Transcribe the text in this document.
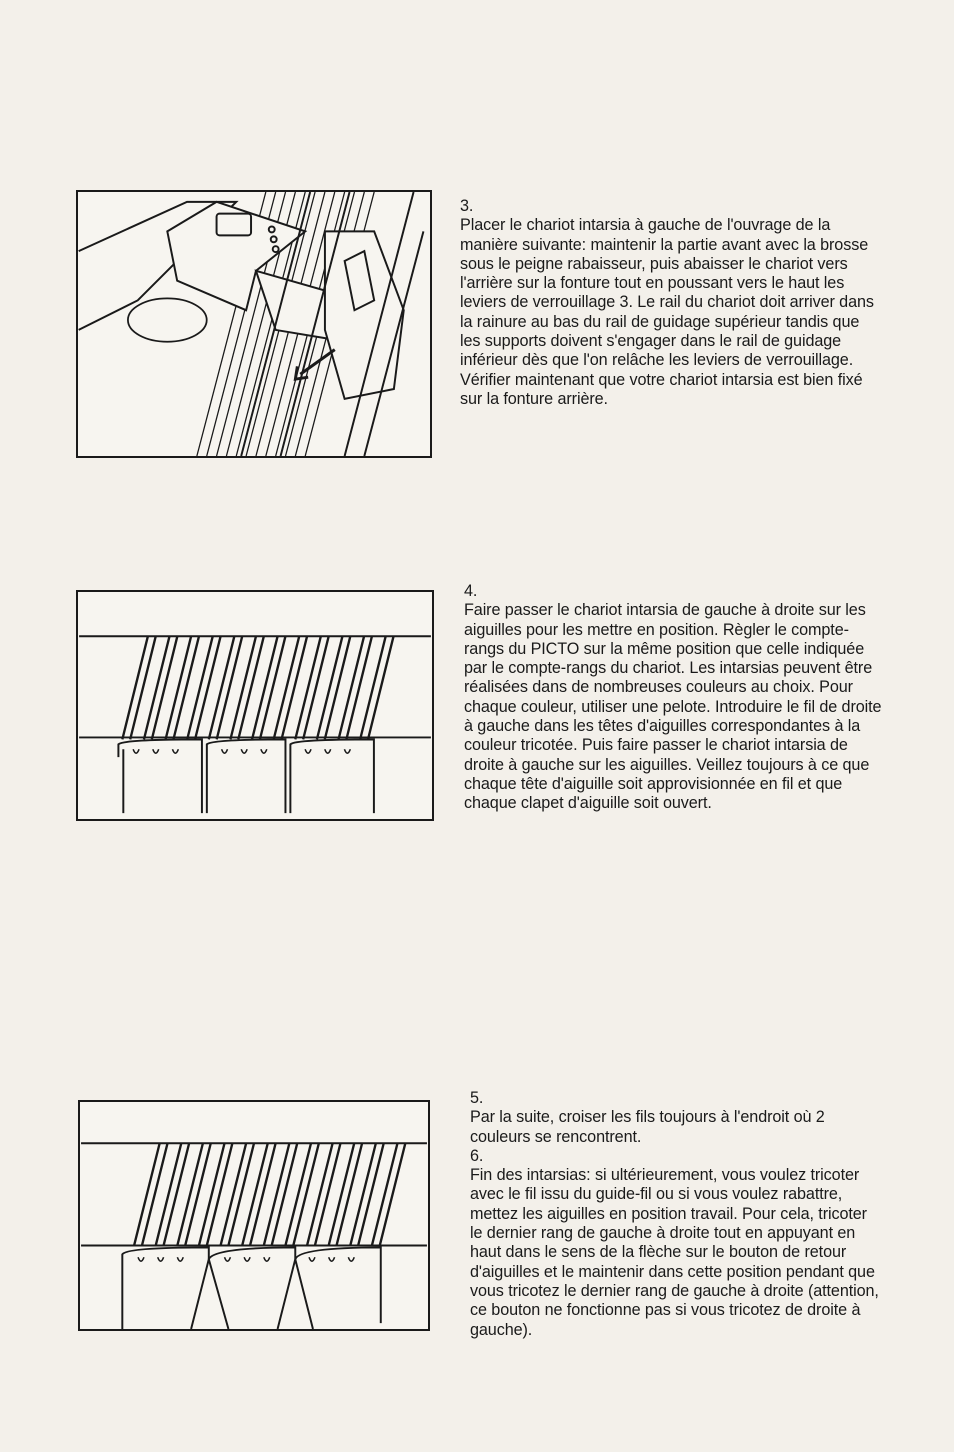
3.

Placer le chariot intarsia à gauche de l'ouvrage de la manière suivante: maintenir la partie avant avec la brosse sous le peigne rabaisseur, puis abaisser le chariot vers l'arrière sur la fonture tout en poussant vers le haut les leviers de verrouillage 3. Le rail du chariot doit arriver dans la rainure au bas du rail de guidage supérieur tandis que les supports doivent s'engager dans le rail de guidage inférieur dès que l'on relâche les leviers de verrouillage. Vérifier maintenant que votre chariot intarsia est bien fixé sur la fonture arrière.

4.

Faire passer le chariot intarsia de gauche à droite sur les aiguilles pour les mettre en position. Règler le compte-rangs du PICTO sur la même position que celle indiquée par le compte-rangs du chariot. Les intarsias peuvent être réalisées dans de nombreuses couleurs au choix. Pour chaque couleur, utiliser une pelote. Introduire le fil de droite à gauche dans les têtes d'aiguilles correspondantes à la couleur tricotée. Puis faire passer le chariot intarsia de droite à gauche sur les aiguilles. Veillez toujours à ce que chaque tête d'aiguille soit approvisionnée en fil et que chaque clapet d'aiguille soit ouvert.

5.

Par la suite, croiser les fils toujours à l'endroit où 2 couleurs se rencontrent.

6.

Fin des intarsias: si ultérieurement, vous voulez tricoter avec le fil issu du guide-fil ou si vous voulez rabattre, mettez les aiguilles en position travail. Pour cela, tricoter le dernier rang de gauche à droite tout en appuyant en haut dans le sens de la flèche sur le bouton de retour d'aiguilles et le maintenir dans cette position pendant que vous tricotez le dernier rang de gauche à droite (attention, ce bouton ne fonctionne pas si vous tricotez de droite à gauche).
